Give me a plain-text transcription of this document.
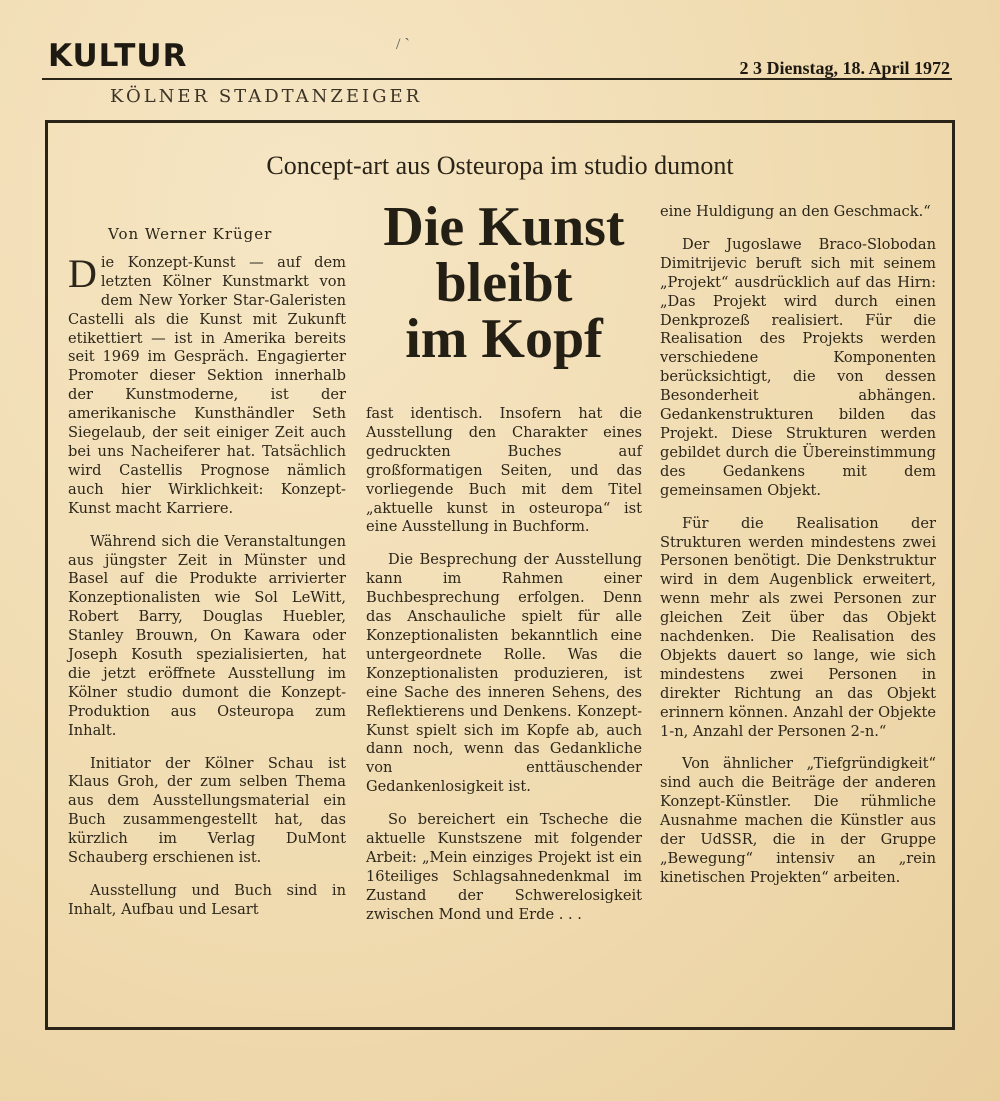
KULTUR	/ `
2 3 Dienstag, 18. April 1972
KÖLNER STADTANZEIGER
Concept-art aus Osteuropa im studio dumont
Von Werner Krüger

Die Konzept-Kunst — auf dem letzten Kölner Kunstmarkt von dem New Yorker Star-Galeristen Castelli als die Kunst mit Zukunft etikettiert — ist in Amerika bereits seit 1969 im Gespräch. Engagierter Promoter dieser Sektion innerhalb der Kunstmoderne, ist der amerikanische Kunsthändler Seth Siegelaub, der seit einiger Zeit auch bei uns Nacheiferer hat. Tatsächlich wird Castellis Prognose nämlich auch hier Wirklichkeit: Konzept-Kunst macht Karriere.

Während sich die Veranstaltungen aus jüngster Zeit in Münster und Basel auf die Produkte arrivierter Konzeptionalisten wie Sol LeWitt, Robert Barry, Douglas Huebler, Stanley Brouwn, On Kawara oder Joseph Kosuth spezialisierten, hat die jetzt eröffnete Ausstellung im Kölner studio dumont die Konzept-Produktion aus Osteuropa zum Inhalt.

Initiator der Kölner Schau ist Klaus Groh, der zum selben Thema aus dem Ausstellungsmaterial ein Buch zusammengestellt hat, das kürzlich im Verlag DuMont Schauberg erschienen ist.

Ausstellung und Buch sind in Inhalt, Aufbau und Lesart

Die Kunst
bleibt
im Kopf

fast identisch. Insofern hat die Ausstellung den Charakter eines gedruckten Buches auf großformatigen Seiten, und das vorliegende Buch mit dem Titel „aktuelle kunst in osteuropa“ ist eine Ausstellung in Buchform.

Die Besprechung der Ausstellung kann im Rahmen einer Buchbesprechung erfolgen. Denn das Anschauliche spielt für alle Konzeptionalisten bekanntlich eine untergeordnete Rolle. Was die Konzeptionalisten produzieren, ist eine Sache des inneren Sehens, des Reflektierens und Denkens. Konzept-Kunst spielt sich im Kopfe ab, auch dann noch, wenn das Gedankliche von enttäuschender Gedankenlosigkeit ist.

So bereichert ein Tscheche die aktuelle Kunstszene mit folgender Arbeit: „Mein einziges Projekt ist ein 16teiliges Schlagsahnedenkmal im Zustand der Schwerelosigkeit zwischen Mond und Erde . . .

eine Huldigung an den Geschmack.“

Der Jugoslawe Braco-Slobodan Dimitrijevic beruft sich mit seinem „Projekt“ ausdrücklich auf das Hirn: „Das Projekt wird durch einen Denkprozeß realisiert. Für die Realisation des Projekts werden verschiedene Komponenten berücksichtigt, die von dessen Besonderheit abhängen. Gedankenstrukturen bilden das Projekt. Diese Strukturen werden gebildet durch die Übereinstimmung des Gedankens mit dem gemeinsamen Objekt.

Für die Realisation der Strukturen werden mindestens zwei Personen benötigt. Die Denkstruktur wird in dem Augenblick erweitert, wenn mehr als zwei Personen zur gleichen Zeit über das Objekt nachdenken. Die Realisation des Objekts dauert so lange, wie sich mindestens zwei Personen in direkter Richtung an das Objekt erinnern können. Anzahl der Objekte 1-n, Anzahl der Personen 2-n.“

Von ähnlicher „Tiefgründigkeit“ sind auch die Beiträge der anderen Konzept-Künstler. Die rühmliche Ausnahme machen die Künstler aus der UdSSR, die in der Gruppe „Bewegung“ intensiv an „rein kinetischen Projekten“ arbeiten.
